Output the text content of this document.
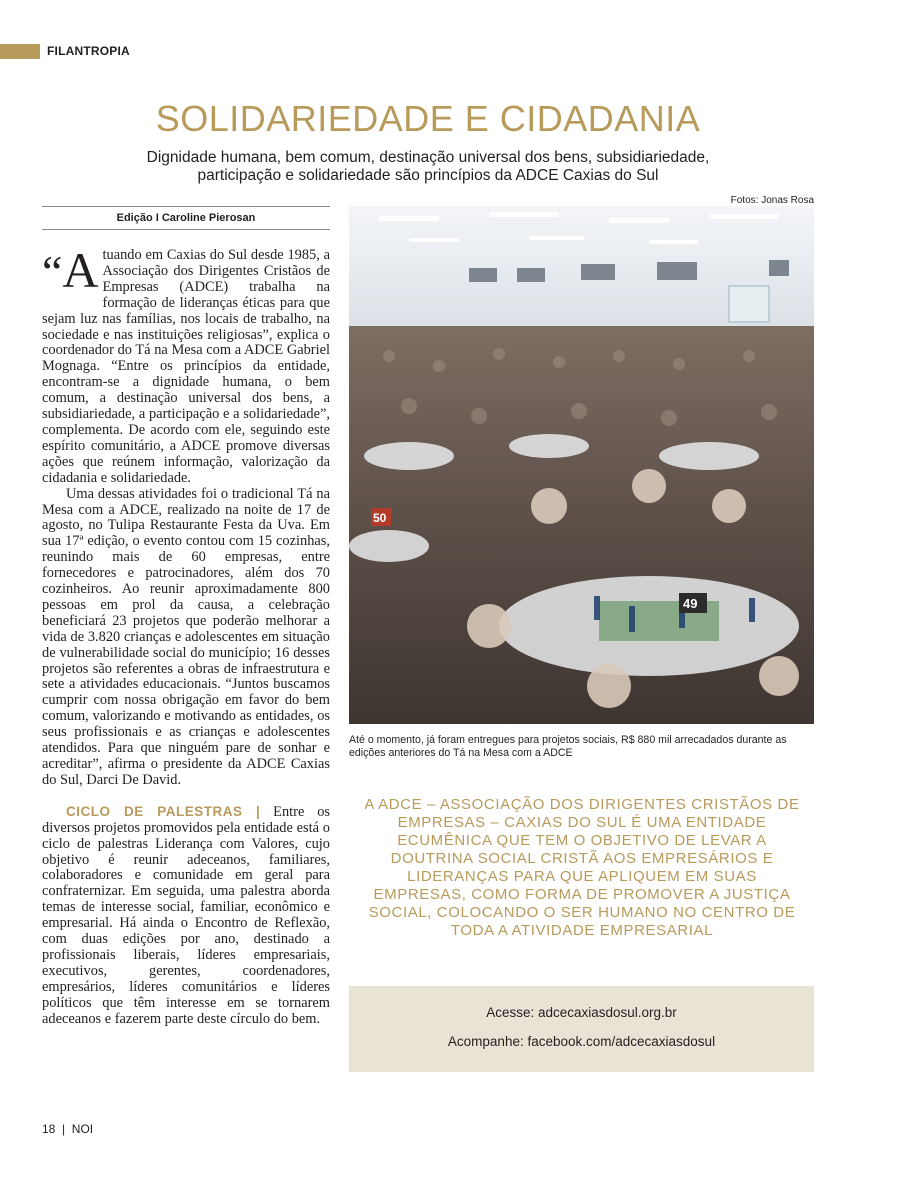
FILANTROPIA
SOLIDARIEDADE E CIDADANIA
Dignidade humana, bem comum, destinação universal dos bens, subsidiariedade,
participação e solidariedade são princípios da ADCE Caxias do Sul
Edição I Caroline Pierosan
Fotos: Jonas Rosa

“A tuando em Caxias do Sul desde 1985, a Associação dos Dirigentes Cristãos de Empresas (ADCE) trabalha na formação de lideranças éticas para que sejam luz nas famílias, nos locais de trabalho, na sociedade e nas instituições religiosas”, explica o coordenador do Tá na Mesa com a ADCE Gabriel Mognaga. “Entre os princípios da entidade, encontram-se a dignidade humana, o bem comum, a destinação universal dos bens, a subsidiariedade, a participação e a solidariedade”, complementa. De acordo com ele, seguindo este espírito comunitário, a ADCE promove diversas ações que reúnem informação, valorização da cidadania e solidariedade.

Uma dessas atividades foi o tradicional Tá na Mesa com a ADCE, realizado na noite de 17 de agosto, no Tulipa Restaurante Festa da Uva. Em sua 17ª edição, o evento contou com 15 cozinhas, reunindo mais de 60 empresas, entre fornecedores e patrocinadores, além dos 70 cozinheiros. Ao reunir aproximadamente 800 pessoas em prol da causa, a celebração beneficiará 23 projetos que poderão melhorar a vida de 3.820 crianças e adolescentes em situação de vulnerabilidade social do município; 16 desses projetos são referentes a obras de infraestrutura e sete a atividades educacionais. “Juntos buscamos cumprir com nossa obrigação em favor do bem comum, valorizando e motivando as entidades, os seus profissionais e as crianças e adolescentes atendidos. Para que ninguém pare de sonhar e acreditar”, afirma o presidente da ADCE Caxias do Sul, Darci De David.

CICLO DE PALESTRAS | Entre os diversos projetos promovidos pela entidade está o ciclo de palestras Liderança com Valores, cujo objetivo é reunir adeceanos, familiares, colaboradores e comunidade em geral para confraternizar. Em seguida, uma palestra aborda temas de interesse social, familiar, econômico e empresarial. Há ainda o Encontro de Reflexão, com duas edições por ano, destinado a profissionais liberais, líderes empresariais, executivos, gerentes, coordenadores, empresários, líderes comunitários e líderes políticos que têm interesse em se tornarem adeceanos e fazerem parte deste círculo do bem.

50
49
Até o momento, já foram entregues para projetos sociais, R$ 880 mil arrecadados durante as edições anteriores do Tá na Mesa com a ADCE
A ADCE – ASSOCIAÇÃO DOS DIRIGENTES CRISTÃOS DE EMPRESAS – CAXIAS DO SUL É UMA ENTIDADE ECUMÊNICA QUE TEM O OBJETIVO DE LEVAR A DOUTRINA SOCIAL CRISTÃ AOS EMPRESÁRIOS E LIDERANÇAS PARA QUE APLIQUEM EM SUAS EMPRESAS, COMO FORMA DE PROMOVER A JUSTIÇA SOCIAL, COLOCANDO O SER HUMANO NO CENTRO DE TODA A ATIVIDADE EMPRESARIAL
Acesse: adcecaxiasdosul.org.br
Acompanhe: facebook.com/adcecaxiasdosul
18  |  NOI
